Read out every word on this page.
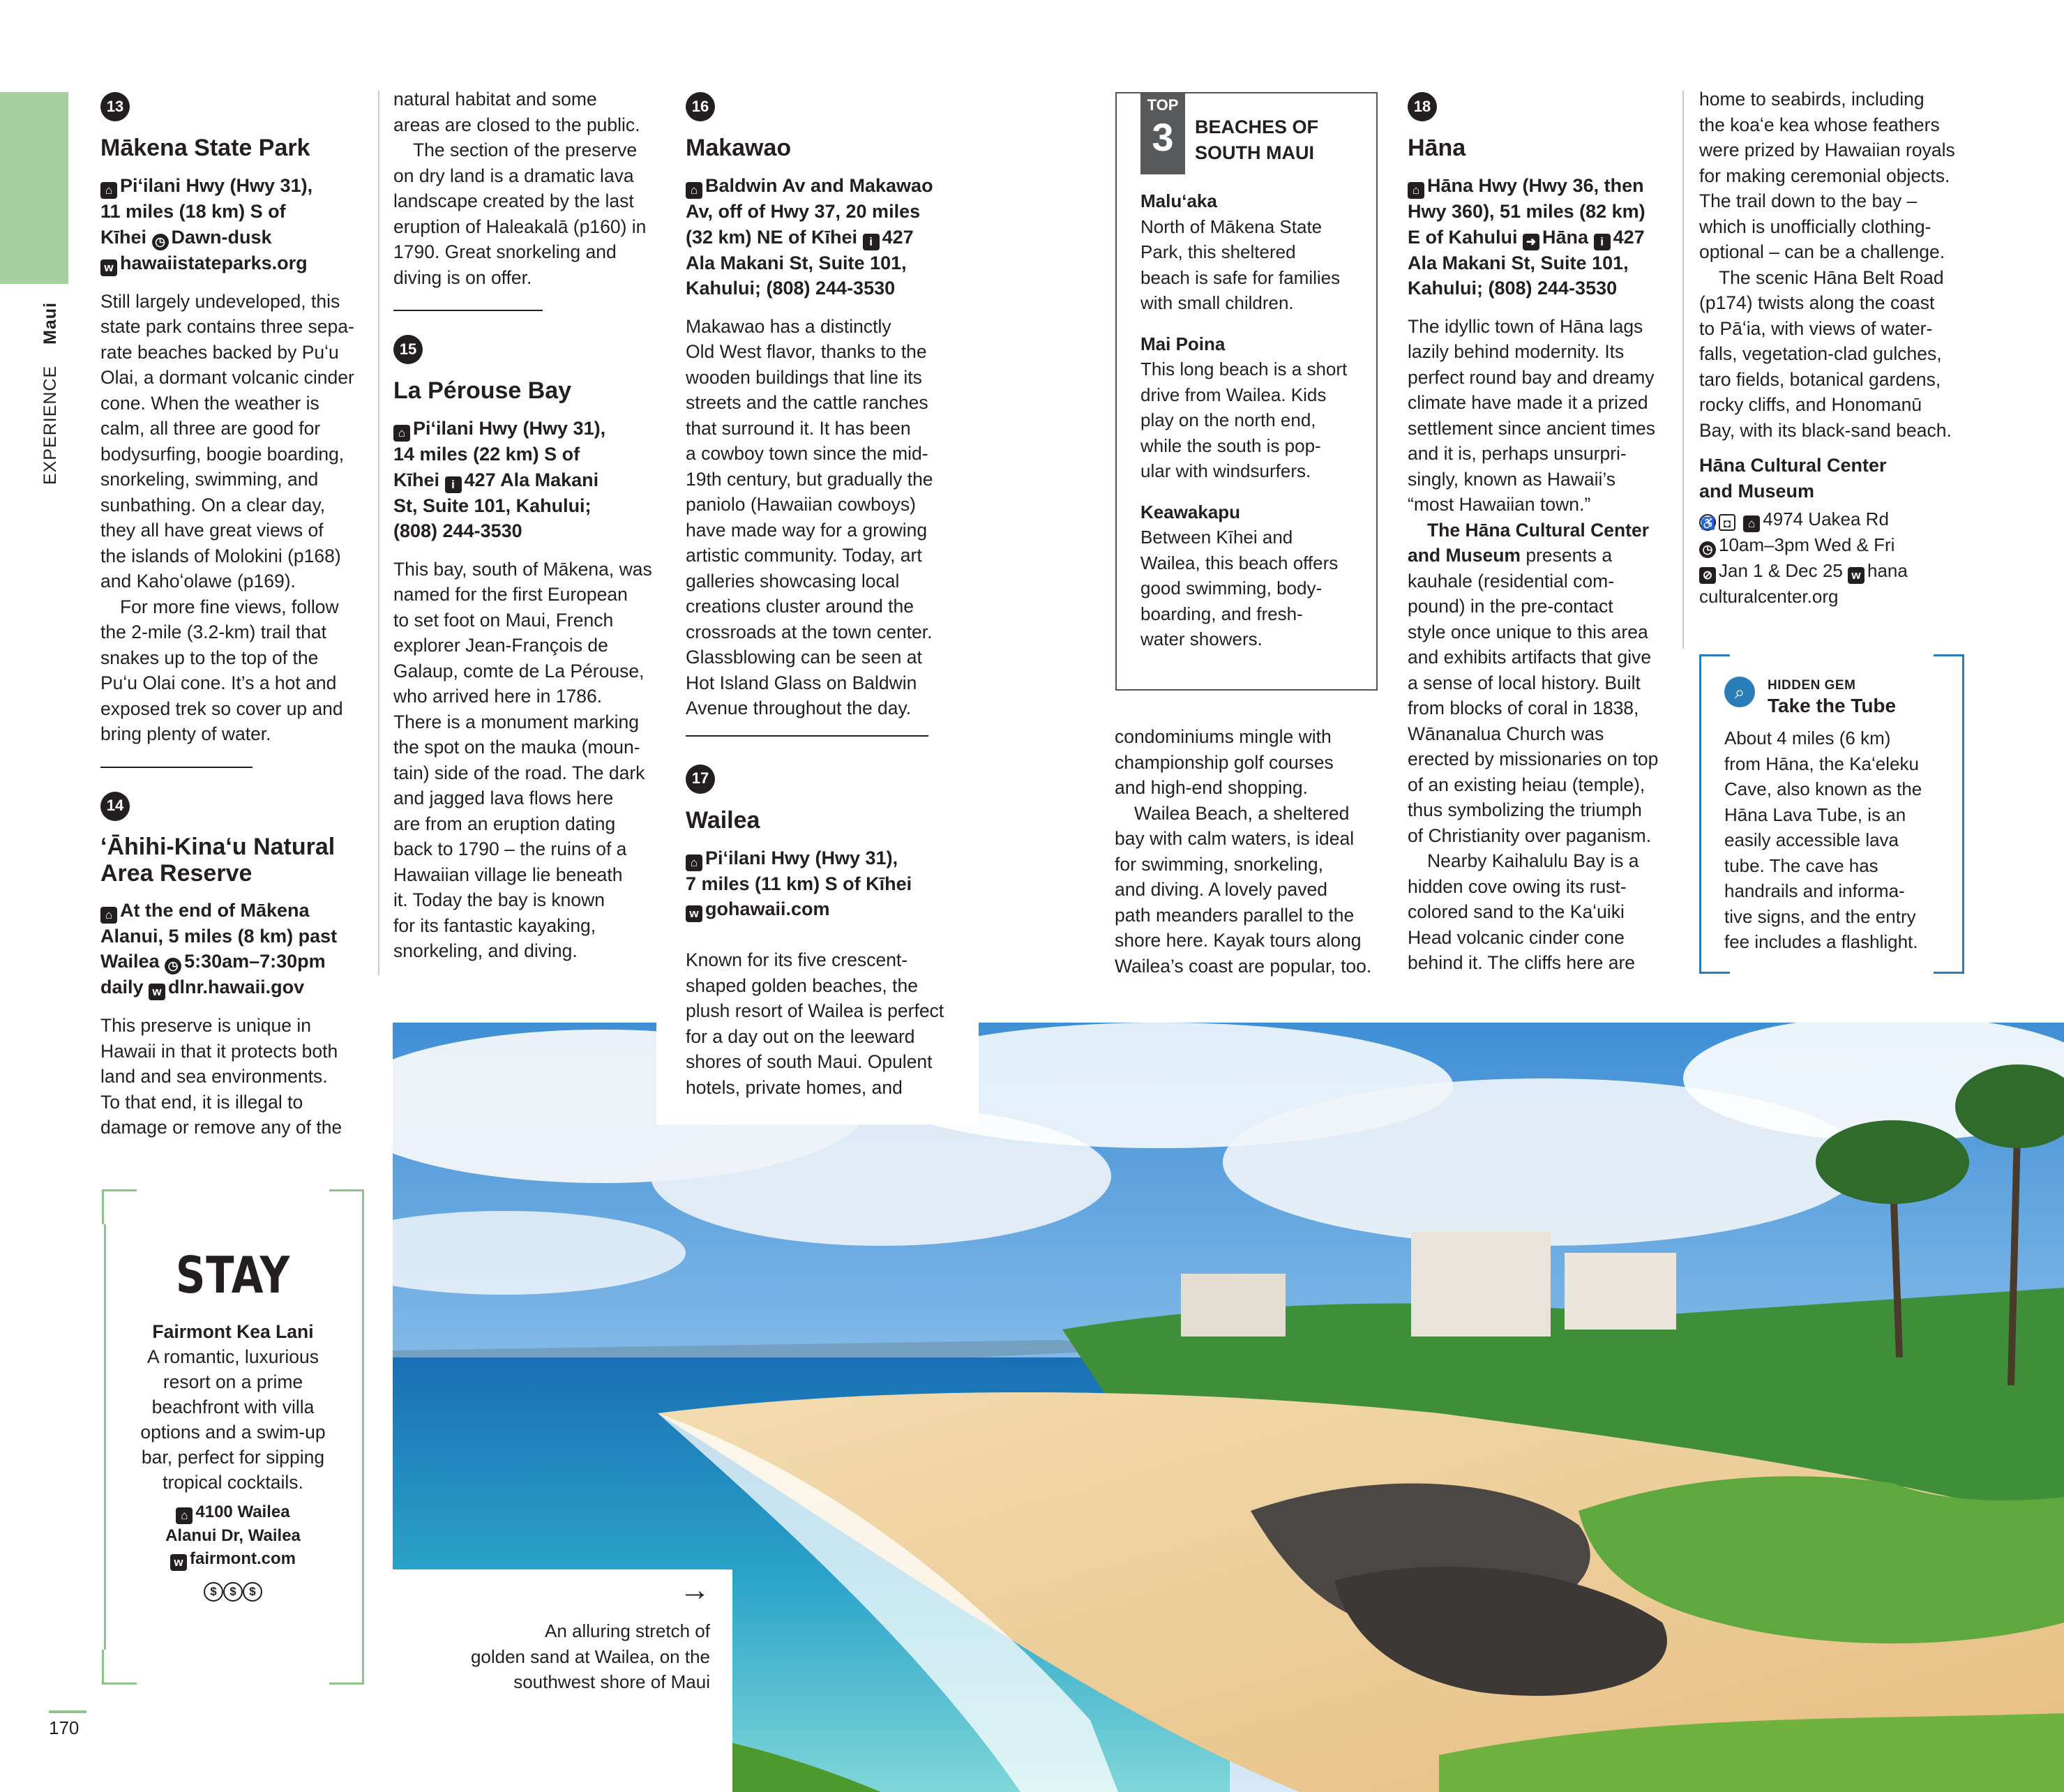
EXPERIENCE  Maui
170
13
Mākena State Park
⌂ Piʻilani Hwy (Hwy 31),
11 miles (18 km) S of
Kīhei ◷ Dawn-dusk
w hawaiistateparks.org

Still largely undeveloped, this
state park contains three sepa-
rate beaches backed by Puʻu
Olai, a dormant volcanic cinder
cone. When the weather is
calm, all three are good for
bodysurfing, boogie boarding,
snorkeling, swimming, and
sunbathing. On a clear day,
they all have great views of
the islands of Molokini (p168)
and Kahoʻolawe (p169).

For more fine views, follow
the 2-mile (3.2-km) trail that
snakes up to the top of the
Puʻu Olai cone. It’s a hot and
exposed trek so cover up and
bring plenty of water.

14
ʻĀhihi-Kinaʻu Natural
Area Reserve
⌂ At the end of Mākena
Alanui, 5 miles (8 km) past
Wailea ◷ 5:30am–7:30pm
daily w dlnr.hawaii.gov

This preserve is unique in
Hawaii in that it protects both
land and sea environments.
To that end, it is illegal to
damage or remove any of the

STAY
Fairmont Kea Lani
A romantic, luxurious
resort on a prime
beachfront with villa
options and a swim-up
bar, perfect for sipping
tropical cocktails.
⌂ 4100 Wailea
Alanui Dr, Wailea
w fairmont.com
$ $ $

natural habitat and some
areas are closed to the public.

The section of the preserve
on dry land is a dramatic lava
landscape created by the last
eruption of Haleakalā (p160) in
1790. Great snorkeling and
diving is on offer.

15
La Pérouse Bay
⌂ Piʻilani Hwy (Hwy 31),
14 miles (22 km) S of
Kīhei i 427 Ala Makani
St, Suite 101, Kahului;
(808) 244-3530

This bay, south of Mākena, was
named for the first European
to set foot on Maui, French
explorer Jean-François de
Galaup, comte de La Pérouse,
who arrived here in 1786.
There is a monument marking
the spot on the mauka (moun-
tain) side of the road. The dark
and jagged lava flows here
are from an eruption dating
back to 1790 – the ruins of a
Hawaiian village lie beneath
it. Today the bay is known
for its fantastic kayaking,
snorkeling, and diving.

16
Makawao
⌂ Baldwin Av and Makawao
Av, off of Hwy 37, 20 miles
(32 km) NE of Kīhei i 427
Ala Makani St, Suite 101,
Kahului; (808) 244-3530

Makawao has a distinctly
Old West flavor, thanks to the
wooden buildings that line its
streets and the cattle ranches
that surround it. It has been
a cowboy town since the mid-
19th century, but gradually the
paniolo (Hawaiian cowboys)
have made way for a growing
artistic community. Today, art
galleries showcasing local
creations cluster around the
crossroads at the town center.
Glassblowing can be seen at
Hot Island Glass on Baldwin
Avenue throughout the day.

17
Wailea
⌂ Piʻilani Hwy (Hwy 31),
7 miles (11 km) S of Kīhei
w gohawaii.com
TOP
3	BEACHES OF
SOUTH MAUI
Maluʻaka
North of Mākena State
Park, this sheltered
beach is safe for families
with small children.
Mai Poina
This long beach is a short
drive from Wailea. Kids
play on the north end,
while the south is pop-
ular with windsurfers.
Keawakapu
Between Kīhei and
Wailea, this beach offers
good swimming, body-
boarding, and fresh-
water showers.

condominiums mingle with
championship golf courses
and high-end shopping.

Wailea Beach, a sheltered
bay with calm waters, is ideal
for swimming, snorkeling,
and diving. A lovely paved
path meanders parallel to the
shore here. Kayak tours along
Wailea’s coast are popular, too.

18
Hāna
⌂ Hāna Hwy (Hwy 36, then
Hwy 360), 51 miles (82 km)
E of Kahului ➜ Hāna i 427
Ala Makani St, Suite 101,
Kahului; (808) 244-3530

The idyllic town of Hāna lags
lazily behind modernity. Its
perfect round bay and dreamy
climate have made it a prized
settlement since ancient times
and it is, perhaps unsurpri-
singly, known as Hawaii’s
“most Hawaiian town.”

The Hāna Cultural Center
and Museum presents a
kauhale (residential com-
pound) in the pre-contact
style once unique to this area
and exhibits artifacts that give
a sense of local history. Built
from blocks of coral in 1838,
Wānanalua Church was
erected by missionaries on top
of an existing heiau (temple),
thus symbolizing the triumph
of Christianity over paganism.

Nearby Kaihalulu Bay is a
hidden cove owing its rust-
colored sand to the Kaʻuiki
Head volcanic cinder cone
behind it. The cliffs here are

home to seabirds, including
the koaʻe kea whose feathers
were prized by Hawaiian royals
for making ceremonial objects.
The trail down to the bay –
which is unofficially clothing-
optional – can be a challenge.

The scenic Hāna Belt Road
(p174) twists along the coast
to Pāʻia, with views of water-
falls, vegetation-clad gulches,
taro fields, botanical gardens,
rocky cliffs, and Honomanū
Bay, with its black-sand beach.

Hāna Cultural Center
and Museum
♿ ◘ ⌂ 4974 Uakea Rd
◷ 10am–3pm Wed & Fri
⊘ Jan 1 & Dec 25 w hana
culturalcenter.org
⌕	HIDDEN GEM
Take the Tube
About 4 miles (6 km)
from Hāna, the Kaʻeleku
Cave, also known as the
Hāna Lava Tube, is an
easily accessible lava
tube. The cave has
handrails and informa-
tive signs, and the entry
fee includes a flashlight.

Known for its five crescent-
shaped golden beaches, the
plush resort of Wailea is perfect
for a day out on the leeward
shores of south Maui. Opulent
hotels, private homes, and

→
An alluring stretch of
golden sand at Wailea, on the
southwest shore of Maui
